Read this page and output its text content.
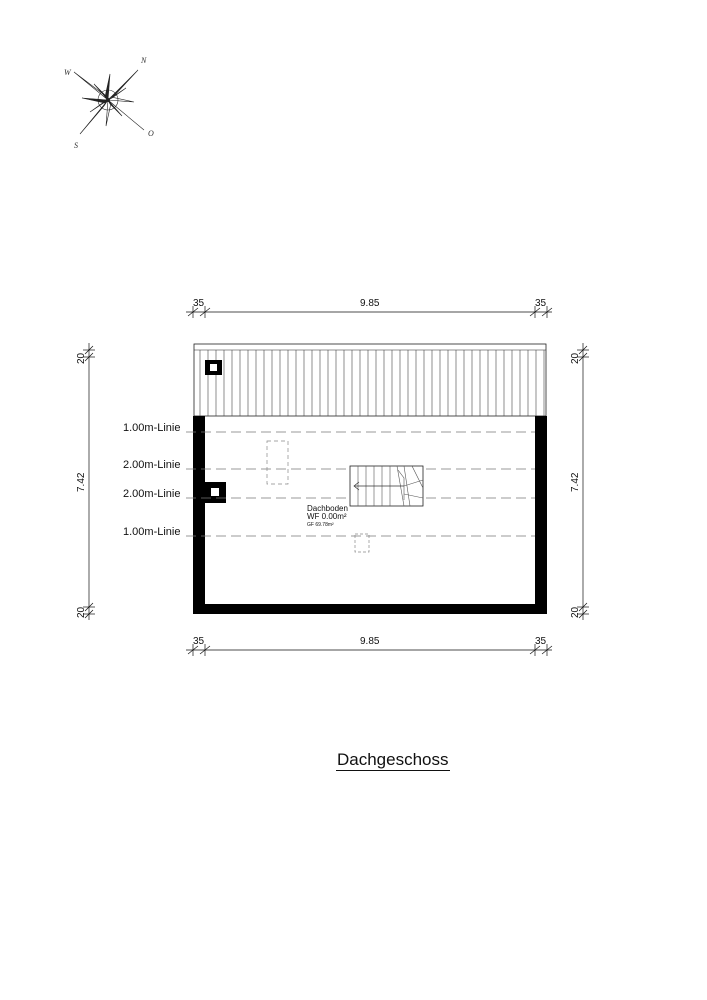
N
O
S
W
35	9.85	35
35	9.85	35
20
7.42
20
20
7.42
20
1.00m-Linie
2.00m-Linie
2.00m-Linie
1.00m-Linie
Dachboden
WF 0.00m²
GF 69.78m²
Dachgeschoss
